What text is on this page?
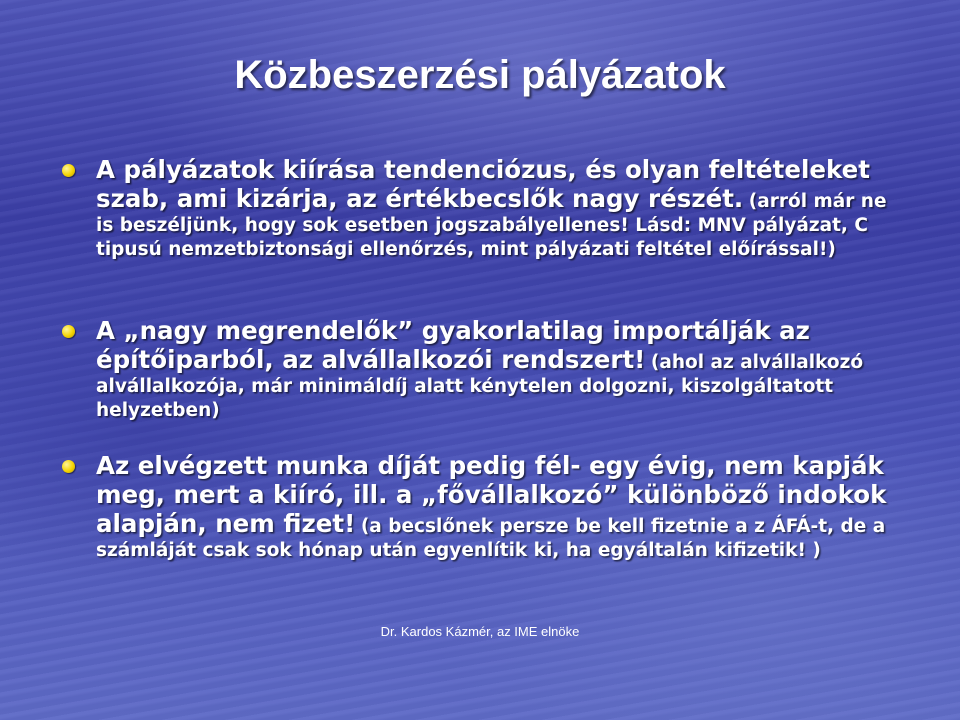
Közbeszerzési pályázatok
A pályázatok kiírása tendenciózus, és olyan feltételeket szab, ami kizárja, az értékbecslők nagy részét. (arról már ne is beszéljünk, hogy sok esetben jogszabályellenes! Lásd: MNV pályázat, C tipusú nemzetbiztonsági ellenőrzés, mint pályázati feltétel előírással!)
A „nagy megrendelők” gyakorlatilag importálják az építőiparból, az alvállalkozói rendszert! (ahol az alvállalkozó alvállalkozója, már minimáldíj alatt kénytelen dolgozni, kiszolgáltatott helyzetben)
Az elvégzett munka díját pedig fél- egy évig, nem kapják meg, mert a kiíró, ill. a „fővállalkozó” különböző indokok alapján, nem fizet! (a becslőnek persze be kell fizetnie a z ÁFÁ-t, de a számláját csak sok hónap után egyenlítik ki, ha egyáltalán kifizetik! )
Dr. Kardos Kázmér, az IME elnöke
